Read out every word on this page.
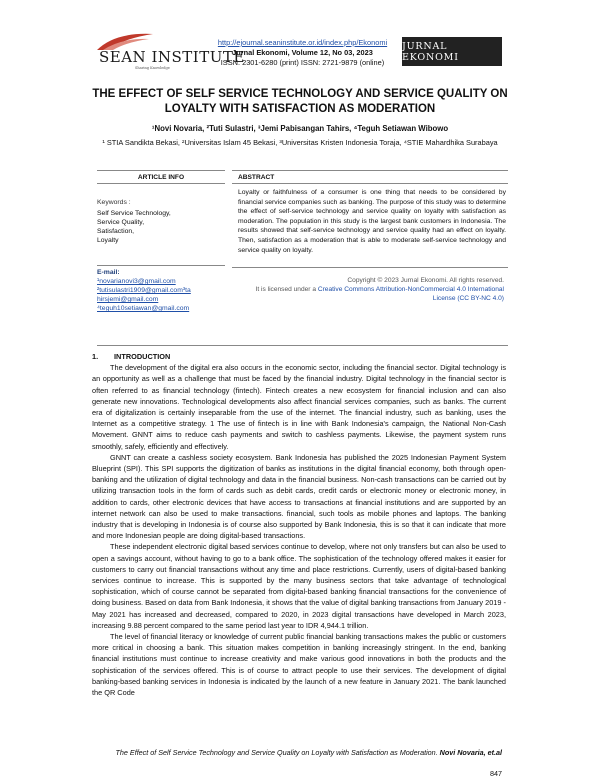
SEAN INSTITUTE
Sharing Knowledge
http://ejournal.seaninstitute.or.id/index.php/Ekonomi
Jurnal Ekonomi, Volume 12, No 03, 2023
ISSN: 2301-6280 (print) ISSN: 2721-9879 (online)
JURNAL EKONOMI
THE EFFECT OF SELF SERVICE TECHNOLOGY AND SERVICE QUALITY ON LOYALTY WITH SATISFACTION AS MODERATION
¹Novi Novaria, ²Tuti Sulastri, ³Jemi Pabisangan Tahirs, ⁴Teguh Setiawan Wibowo
¹ STIA Sandikta Bekasi, ²Universitas Islam 45 Bekasi, ³Universitas Kristen Indonesia Toraja, ⁴STIE Mahardhika Surabaya
ARTICLE INFO	ABSTRACT
Keywords :
Self Service Technology,
Service Quality,
Satisfaction,
Loyalty
E-mail:
¹novarianovi3@gmail.com
²tutisulastri1909@gmail.com³ta
hirsjemi@gmail.com
⁴teguh10setiawan@gmail.com
Loyalty or faithfulness of a consumer is one thing that needs to be considered by financial service companies such as banking. The purpose of this study was to determine the effect of self-service technology and service quality on loyalty with satisfaction as moderation. The population in this study is the largest bank customers in Indonesia. The results showed that self-service technology and service quality had an effect on loyalty. Then, satisfaction as a moderation that is able to moderate self-service technology and service quality on loyalty.
Copyright © 2023 Jurnal Ekonomi. All rights reserved.
It is licensed under a Creative Commons Attribution-NonCommercial 4.0 International License (CC BY-NC 4.0)
1. INTRODUCTION

The development of the digital era also occurs in the economic sector, including the financial sector. Digital technology is an opportunity as well as a challenge that must be faced by the financial industry. Digital technology in the financial sector is often referred to as financial technology (fintech). Fintech creates a new ecosystem for financial inclusion and can also generate new innovations. Technological developments also affect financial services companies, such as banks. The current era of digitalization is certainly inseparable from the use of the internet. The financial industry, such as banking, uses the Internet as a competitive strategy. 1 The use of fintech is in line with Bank Indonesia's campaign, the National Non-Cash Movement. GNNT aims to reduce cash payments and switch to cashless payments. Likewise, the payment system runs smoothly, safely, efficiently and effectively.

GNNT can create a cashless society ecosystem. Bank Indonesia has published the 2025 Indonesian Payment System Blueprint (SPI). This SPI supports the digitization of banks as institutions in the digital financial economy, both through open-banking and the utilization of digital technology and data in the financial business. Non-cash transactions can be carried out by utilizing transaction tools in the form of cards such as debit cards, credit cards or electronic money or electronic money, in addition to cards, other electronic devices that have access to transactions at financial institutions and are supported by an internet network can also be used to make transactions. financial, such tools as mobile phones and laptops. The banking industry that is developing in Indonesia is of course also supported by Bank Indonesia, this is so that it can indicate that more and more Indonesian people are doing digital-based transactions.

These independent electronic digital based services continue to develop, where not only transfers but can also be used to open a savings account, without having to go to a bank office. The sophistication of the technology offered makes it easier for customers to carry out financial transactions without any time and place restrictions. Currently, users of digital-based banking services continue to increase. This is supported by the many business sectors that take advantage of technological sophistication, which of course cannot be separated from digital-based banking financial transactions for the convenience of doing business. Based on data from Bank Indonesia, it shows that the value of digital banking transactions from January 2019 - May 2021 has increased and decreased, compared to 2020, in 2023 digital transactions have developed in March 2023, increasing 9.88 percent compared to the same period last year to IDR 4,944.1 trillion.

The level of financial literacy or knowledge of current public financial banking transactions makes the public or customers more critical in choosing a bank. This situation makes competition in banking increasingly stringent. In the end, banking financial institutions must continue to increase creativity and make various good innovations in both the products and the sophistication of the services offered. This is of course to attract people to use their services. The development of digital banking-based banking services in Indonesia is indicated by the launch of a new feature in January 2021. The bank launched the QR Code

The Effect of Self Service Technology and Service Quality on Loyalty with Satisfaction as Moderation. Novi Novaria, et.al
847
